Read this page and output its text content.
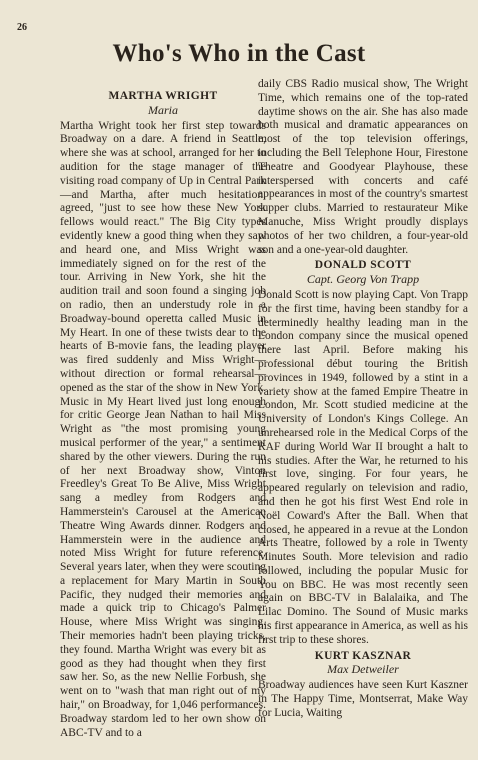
26
Who's Who in the Cast
MARTHA WRIGHT
Maria

Martha Wright took her first step towards Broadway on a dare. A friend in Seattle, where she was at school, arranged for her to audition for the stage manager of the visiting road company of Up in Central Park—and Martha, after much hesitation, agreed, "just to see how these New York fellows would react." The Big City types evidently knew a good thing when they saw and heard one, and Miss Wright was immediately signed on for the rest of the tour. Arriving in New York, she hit the audition trail and soon found a singing job on radio, then an understudy role in a Broadway-bound operetta called Music in My Heart. In one of these twists dear to the hearts of B-movie fans, the leading player was fired suddenly and Miss Wright—without direction or formal rehearsal—opened as the star of the show in New York. Music in My Heart lived just long enough for critic George Jean Nathan to hail Miss Wright as "the most promising young musical performer of the year," a sentiment shared by the other viewers. During the run of her next Broadway show, Vinton Freedley's Great To Be Alive, Miss Wright sang a medley from Rodgers and Hammerstein's Carousel at the American Theatre Wing Awards dinner. Rodgers and Hammerstein were in the audience and noted Miss Wright for future reference. Several years later, when they were scouting a replacement for Mary Martin in South Pacific, they nudged their memories and made a quick trip to Chicago's Palmer House, where Miss Wright was singing. Their memories hadn't been playing tricks, they found. Martha Wright was every bit as good as they had thought when they first saw her. So, as the new Nellie Forbush, she went on to "wash that man right out of my hair," on Broadway, for 1,046 performances. Broadway stardom led to her own show on ABC-TV and to a

daily CBS Radio musical show, The Wright Time, which remains one of the top-rated daytime shows on the air. She has also made both musical and dramatic appearances on most of the top television offerings, including the Bell Telephone Hour, Firestone Theatre and Goodyear Playhouse, these interspersed with concerts and café appearances in most of the country's smartest supper clubs. Married to restaurateur Mike Manuche, Miss Wright proudly displays photos of her two children, a four-year-old son and a one-year-old daughter.

DONALD SCOTT
Capt. Georg Von Trapp

Donald Scott is now playing Capt. Von Trapp for the first time, having been standby for a determinedly healthy leading man in the London company since the musical opened there last April. Before making his professional début touring the British provinces in 1949, followed by a stint in a variety show at the famed Empire Theatre in London, Mr. Scott studied medicine at the University of London's Kings College. An unrehearsed role in the Medical Corps of the RAF during World War II brought a halt to his studies. After the War, he returned to his first love, singing. For four years, he appeared regularly on television and radio, and then he got his first West End role in Noël Coward's After the Ball. When that closed, he appeared in a revue at the London Arts Theatre, followed by a role in Twenty Minutes South. More television and radio followed, including the popular Music for You on BBC. He was most recently seen again on BBC-TV in Balalaika, and The Lilac Domino. The Sound of Music marks his first appearance in America, as well as his first trip to these shores.

KURT KASZNAR
Max Detweiler

Broadway audiences have seen Kurt Kaszner in The Happy Time, Montserrat, Make Way for Lucia, Waiting
